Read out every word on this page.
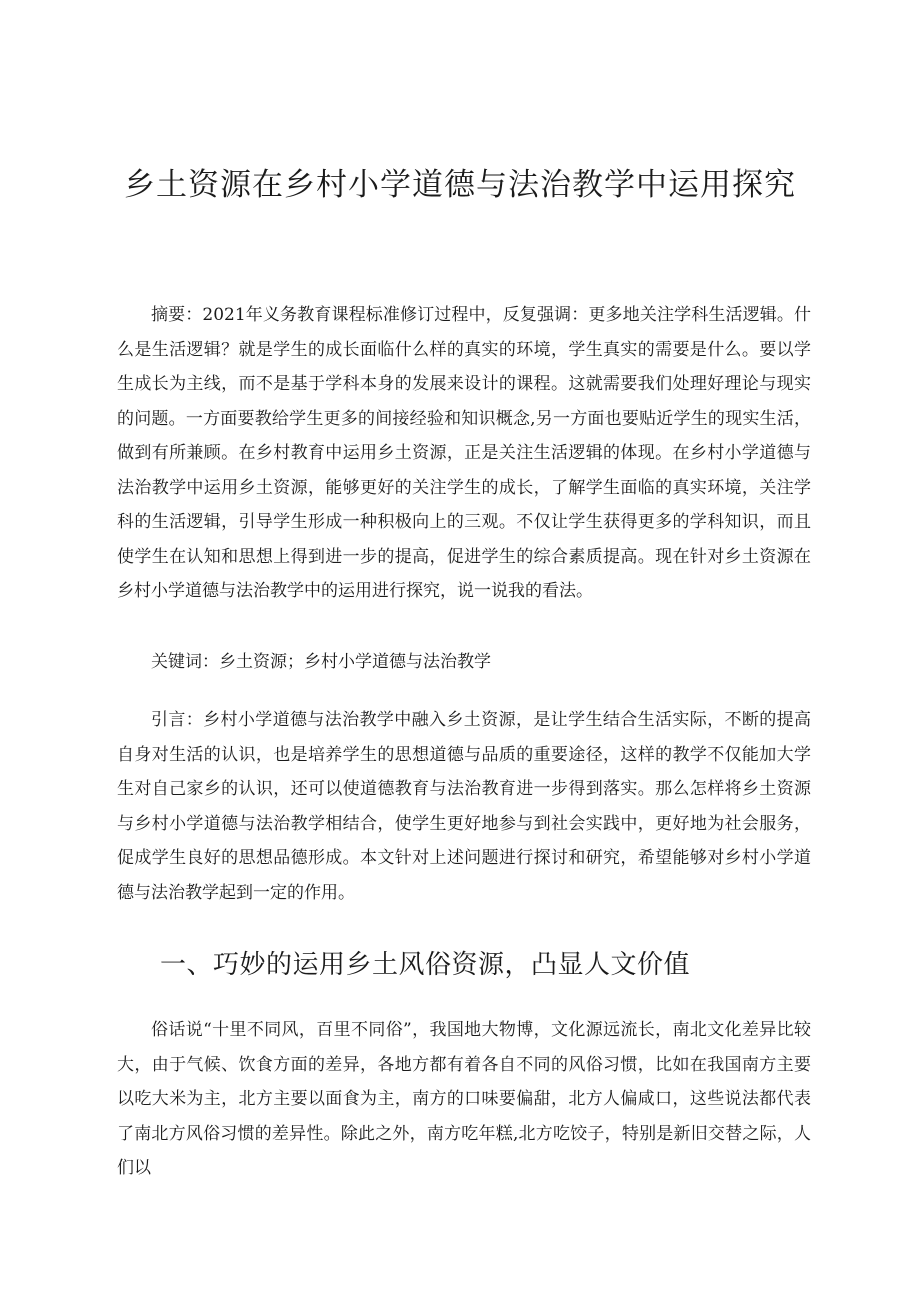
乡土资源在乡村小学道德与法治教学中运用探究

摘要：2021年义务教育课程标准修订过程中，反复强调：更多地关注学科生活逻辑。什么是生活逻辑？就是学生的成长面临什么样的真实的环境，学生真实的需要是什么。要以学生成长为主线，而不是基于学科本身的发展来设计的课程。这就需要我们处理好理论与现实的问题。一方面要教给学生更多的间接经验和知识概念,另一方面也要贴近学生的现实生活，做到有所兼顾。在乡村教育中运用乡土资源，正是关注生活逻辑的体现。在乡村小学道德与法治教学中运用乡土资源，能够更好的关注学生的成长，了解学生面临的真实环境，关注学科的生活逻辑，引导学生形成一种积极向上的三观。不仅让学生获得更多的学科知识，而且使学生在认知和思想上得到进一步的提高，促进学生的综合素质提高。现在针对乡土资源在乡村小学道德与法治教学中的运用进行探究，说一说我的看法。

关键词：乡土资源；乡村小学道德与法治教学

引言：乡村小学道德与法治教学中融入乡土资源，是让学生结合生活实际，不断的提高自身对生活的认识，也是培养学生的思想道德与品质的重要途径，这样的教学不仅能加大学生对自己家乡的认识，还可以使道德教育与法治教育进一步得到落实。那么怎样将乡土资源与乡村小学道德与法治教学相结合，使学生更好地参与到社会实践中，更好地为社会服务，促成学生良好的思想品德形成。本文针对上述问题进行探讨和研究，希望能够对乡村小学道德与法治教学起到一定的作用。

一、巧妙的运用乡土风俗资源，凸显人文价值

俗话说“十里不同风，百里不同俗”，我国地大物博，文化源远流长，南北文化差异比较大，由于气候、饮食方面的差异，各地方都有着各自不同的风俗习惯，比如在我国南方主要以吃大米为主，北方主要以面食为主，南方的口味要偏甜，北方人偏咸口，这些说法都代表了南北方风俗习惯的差异性。除此之外，南方吃年糕,北方吃饺子，特别是新旧交替之际，人们以
